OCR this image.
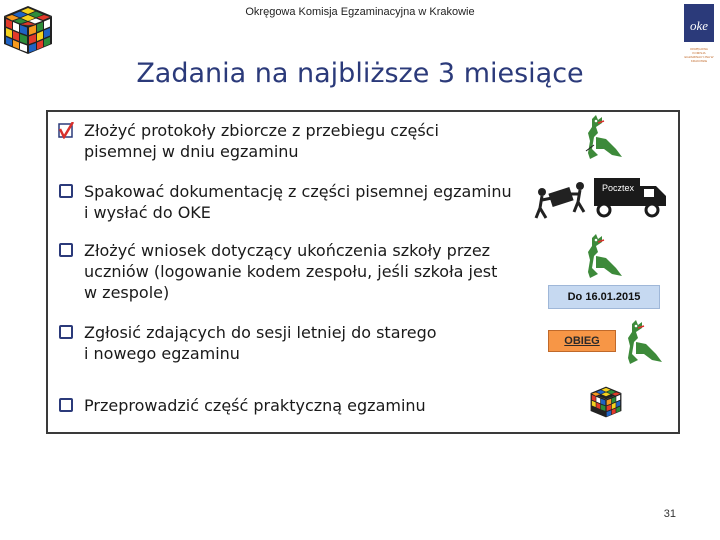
Okręgowa Komisja Egzaminacyjna w Krakowie
oke
OKRĘGOWA KOMISJA EGZAMINACYJNA W KRAKOWIE
Zadania na najbliższe 3 miesiące
Złożyć protokoły zbiorcze z przebiegu części
pisemnej w dniu egzaminu
Spakować dokumentację z części pisemnej egzaminu
i wysłać do OKE
Złożyć wniosek dotyczący ukończenia szkoły przez
uczniów (logowanie kodem zespołu, jeśli szkoła jest
w zespole)
Zgłosić zdających do sesji letniej do starego
i nowego egzaminu
Przeprowadzić część praktyczną egzaminu
Pocztex
Do 16.01.2015
OBIEG
31
